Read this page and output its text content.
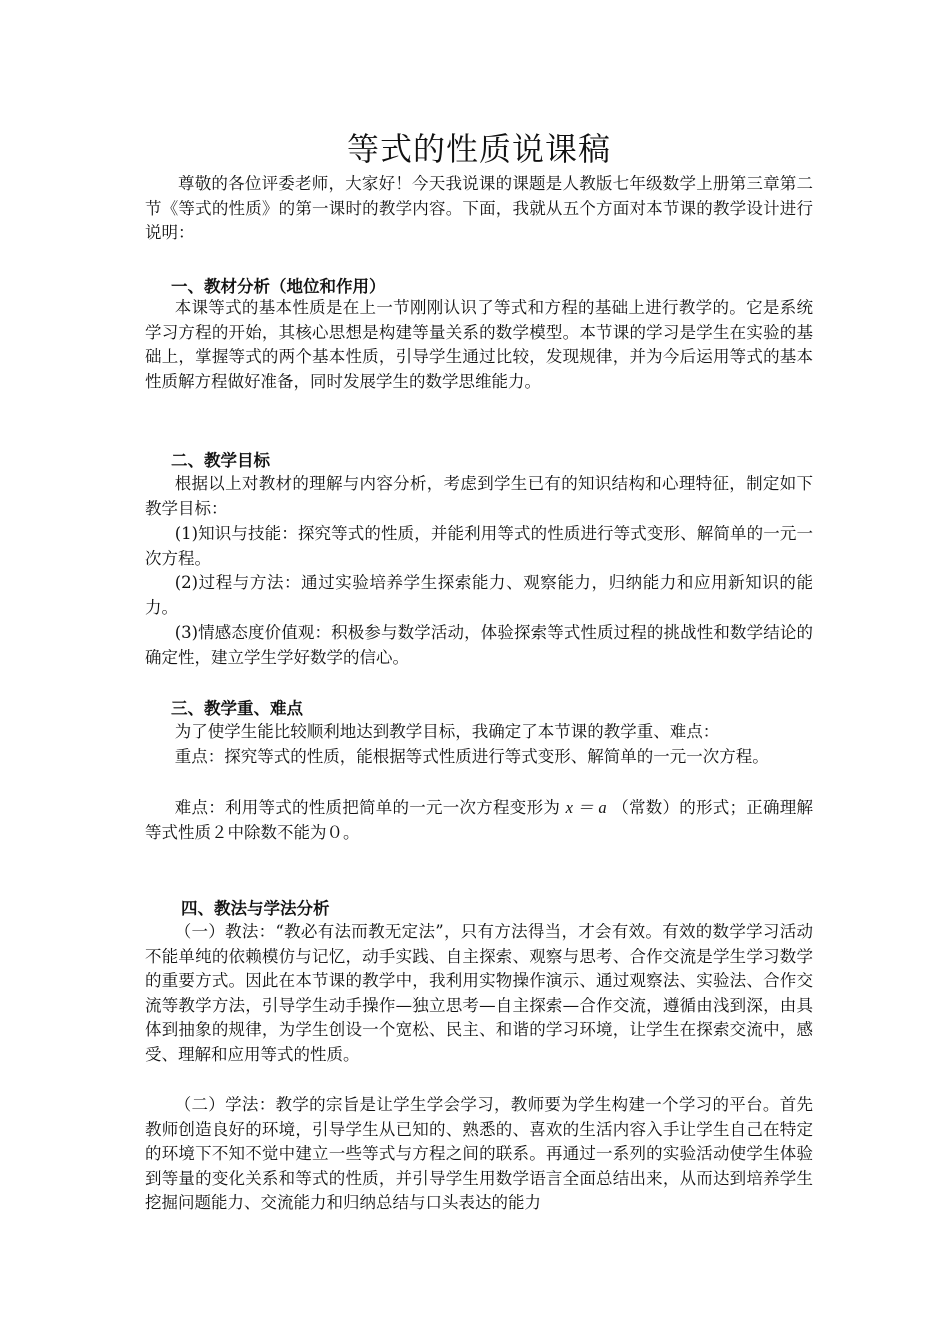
等式的性质说课稿

尊敬的各位评委老师，大家好！今天我说课的课题是人教版七年级数学上册第三章第二节《等式的性质》的第一课时的教学内容。下面，我就从五个方面对本节课的教学设计进行说明：

一、教材分析（地位和作用）

本课等式的基本性质是在上一节刚刚认识了等式和方程的基础上进行教学的。它是系统学习方程的开始，其核心思想是构建等量关系的数学模型。本节课的学习是学生在实验的基础上，掌握等式的两个基本性质，引导学生通过比较，发现规律，并为今后运用等式的基本性质解方程做好准备，同时发展学生的数学思维能力。

二、教学目标

根据以上对教材的理解与内容分析，考虑到学生已有的知识结构和心理特征，制定如下教学目标：

(1)知识与技能：探究等式的性质，并能利用等式的性质进行等式变形、解简单的一元一次方程。

(2)过程与方法：通过实验培养学生探索能力、观察能力，归纳能力和应用新知识的能力。

(3)情感态度价值观：积极参与数学活动，体验探索等式性质过程的挑战性和数学结论的确定性，建立学生学好数学的信心。

三、教学重、难点

为了使学生能比较顺利地达到教学目标，我确定了本节课的教学重、难点：

重点：探究等式的性质，能根据等式性质进行等式变形、解简单的一元一次方程。

难点：利用等式的性质把简单的一元一次方程变形为 x ＝ a （常数）的形式；正确理解等式性质２中除数不能为０。

四、教法与学法分析

（一）教法：“教必有法而教无定法”，只有方法得当，才会有效。有效的数学学习活动不能单纯的依赖模仿与记忆，动手实践、自主探索、观察与思考、合作交流是学生学习数学的重要方式。因此在本节课的教学中，我利用实物操作演示、通过观察法、实验法、合作交流等教学方法，引导学生动手操作—独立思考—自主探索—合作交流，遵循由浅到深，由具体到抽象的规律，为学生创设一个宽松、民主、和谐的学习环境，让学生在探索交流中，感受、理解和应用等式的性质。

（二）学法：教学的宗旨是让学生学会学习，教师要为学生构建一个学习的平台。首先教师创造良好的环境，引导学生从已知的、熟悉的、喜欢的生活内容入手让学生自己在特定的环境下不知不觉中建立一些等式与方程之间的联系。再通过一系列的实验活动使学生体验到等量的变化关系和等式的性质，并引导学生用数学语言全面总结出来，从而达到培养学生挖掘问题能力、交流能力和归纳总结与口头表达的能力
